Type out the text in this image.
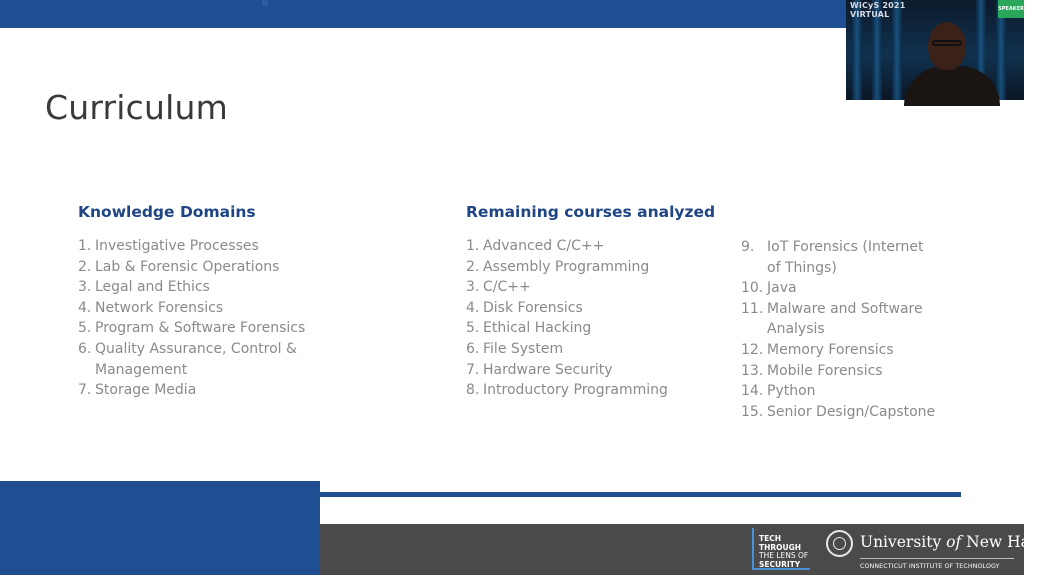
WiCyS 2021
VIRTUAL
SPEAKER
Curriculum
Knowledge Domains
1. Investigative Processes
2. Lab & Forensic Operations
3. Legal and Ethics
4. Network Forensics
5. Program & Software Forensics
6. Quality Assurance, Control & Management
7. Storage Media
Remaining courses analyzed
1. Advanced C/C++
2. Assembly Programming
3. C/C++
4. Disk Forensics
5. Ethical Hacking
6. File System
7. Hardware Security
8. Introductory Programming
9. IoT Forensics (Internet of Things)
10. Java
11. Malware and Software Analysis
12. Memory Forensics
13. Mobile Forensics
14. Python
15. Senior Design/Capstone
TECH THROUGH
THE LENS OF
SECURITY
University of New Haven
CONNECTICUT INSTITUTE OF TECHNOLOGY
